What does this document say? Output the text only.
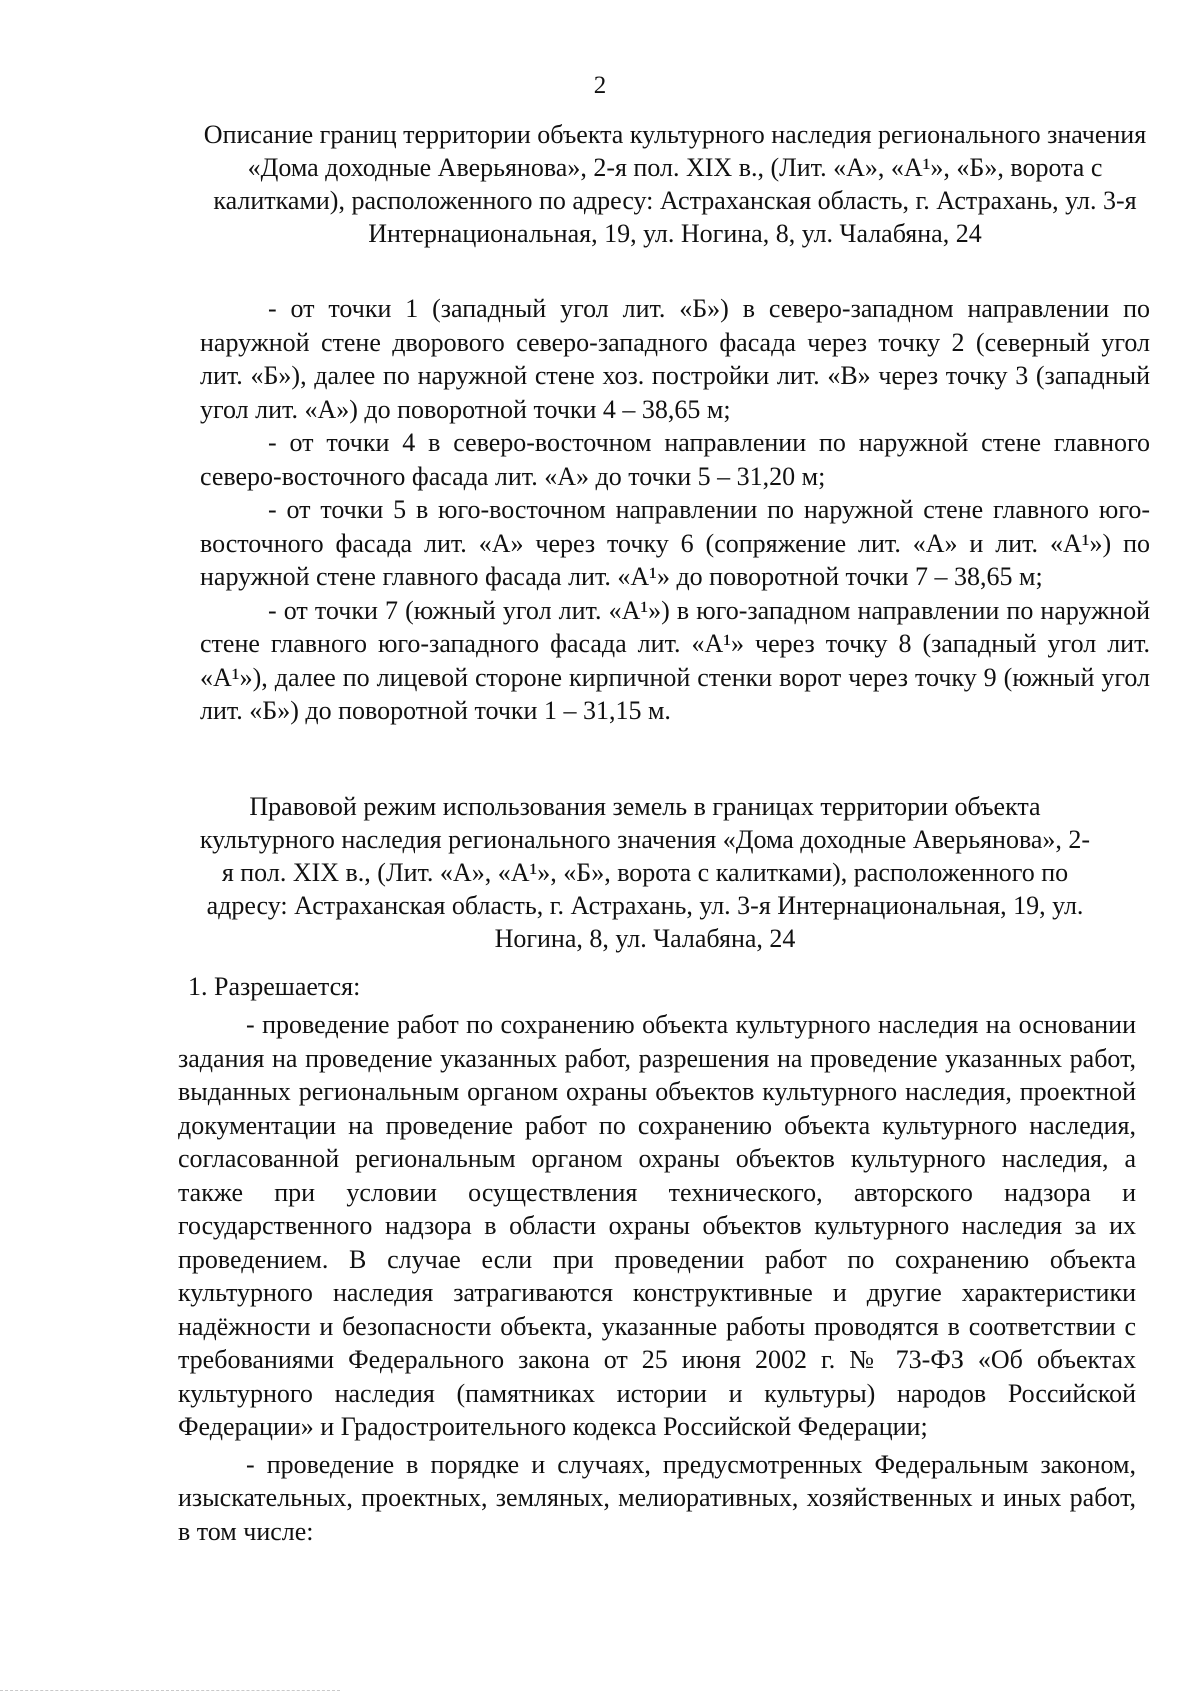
2
Описание границ территории объекта культурного наследия регионального значения «Дома доходные Аверьянова», 2-я пол. XIX в., (Лит. «А», «А¹», «Б», ворота с калитками), расположенного по адресу: Астраханская область, г. Астрахань, ул. 3-я Интернациональная, 19, ул. Ногина, 8, ул. Чалабяна, 24

- от точки 1 (западный угол лит. «Б») в северо-западном направлении по наружной стене дворового северо-западного фасада через точку 2 (северный угол лит. «Б»), далее по наружной стене хоз. постройки лит. «В» через точку 3 (западный угол лит. «А») до поворотной точки 4 – 38,65 м;

- от точки 4 в северо-восточном направлении по наружной стене главного северо-восточного фасада лит. «А» до точки 5 – 31,20 м;

- от точки 5 в юго-восточном направлении по наружной стене главного юго-восточного фасада лит. «А» через точку 6 (сопряжение лит. «А» и лит. «А¹») по наружной стене главного фасада лит. «А¹» до поворотной точки 7 – 38,65 м;

- от точки 7 (южный угол лит. «А¹») в юго-западном направлении по наружной стене главного юго-западного фасада лит. «А¹» через точку 8 (западный угол лит. «А¹»), далее по лицевой стороне кирпичной стенки ворот через точку 9 (южный угол лит. «Б») до поворотной точки 1 – 31,15 м.

Правовой режим использования земель в границах территории объекта культурного наследия регионального значения «Дома доходные Аверьянова», 2-я пол. XIX в., (Лит. «А», «А¹», «Б», ворота с калитками), расположенного по адресу: Астраханская область, г. Астрахань, ул. 3-я Интернациональная, 19, ул. Ногина, 8, ул. Чалабяна, 24
1. Разрешается:

- проведение работ по сохранению объекта культурного наследия на основании задания на проведение указанных работ, разрешения на проведение указанных работ, выданных региональным органом охраны объектов культурного наследия, проектной документации на проведение работ по сохранению объекта культурного наследия, согласованной региональным органом охраны объектов культурного наследия, а также при условии осуществления технического, авторского надзора и государственного надзора в области охраны объектов культурного наследия за их проведением. В случае если при проведении работ по сохранению объекта культурного наследия затрагиваются конструктивные и другие характеристики надёжности и безопасности объекта, указанные работы проводятся в соответствии с требованиями Федерального закона от 25 июня 2002 г. № 73-ФЗ «Об объектах культурного наследия (памятниках истории и культуры) народов Российской Федерации» и Градостроительного кодекса Российской Федерации;

- проведение в порядке и случаях, предусмотренных Федеральным законом, изыскательных, проектных, земляных, мелиоративных, хозяйственных и иных работ, в том числе:
